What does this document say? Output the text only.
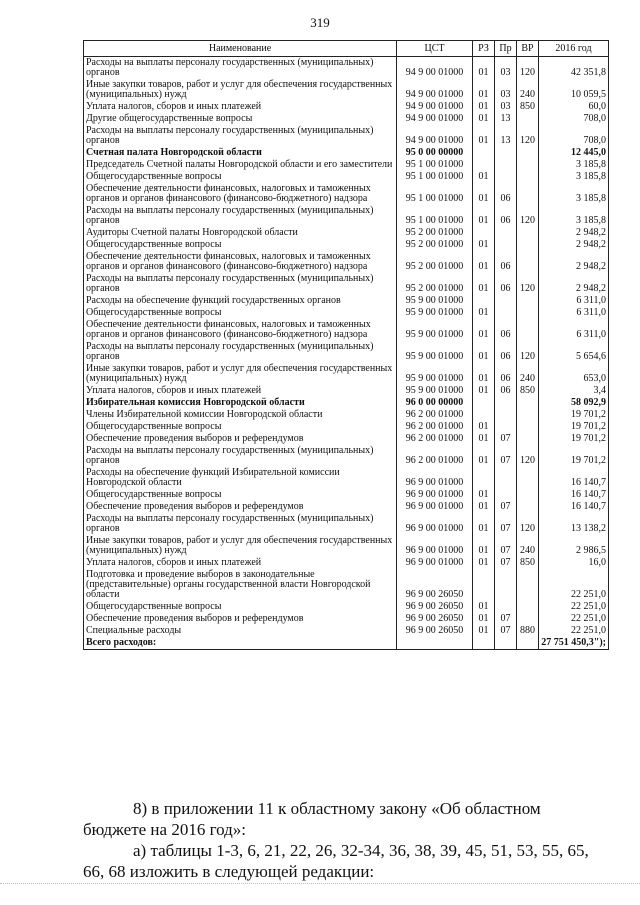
319
Наименование	ЦСТ	РЗ	Пр	ВР	2016 год
Расходы на выплаты персоналу государственных (муниципальных) органов	94 9 00 01000	01	03	120	42 351,8
Иные закупки товаров, работ и услуг для обеспечения государственных (муниципальных) нужд	94 9 00 01000	01	03	240	10 059,5
Уплата налогов, сборов и иных платежей	94 9 00 01000	01	03	850	60,0
Другие общегосударственные вопросы	94 9 00 01000	01	13		708,0
Расходы на выплаты персоналу государственных (муниципальных) органов	94 9 00 01000	01	13	120	708,0
Счетная палата Новгородской области	95 0 00 00000				12 445,0
Председатель Счетной палаты Новгородской области и его заместители	95 1 00 01000				3 185,8
Общегосударственные вопросы	95 1 00 01000	01			3 185,8
Обеспечение деятельности финансовых, налоговых и таможенных органов и органов финансового (финансово-бюджетного) надзора	95 1 00 01000	01	06		3 185,8
Расходы на выплаты персоналу государственных (муниципальных) органов	95 1 00 01000	01	06	120	3 185,8
Аудиторы Счетной палаты Новгородской области	95 2 00 01000				2 948,2
Общегосударственные вопросы	95 2 00 01000	01			2 948,2
Обеспечение деятельности финансовых, налоговых и таможенных органов и органов финансового (финансово-бюджетного) надзора	95 2 00 01000	01	06		2 948,2
Расходы на выплаты персоналу государственных (муниципальных) органов	95 2 00 01000	01	06	120	2 948,2
Расходы на обеспечение функций государственных органов	95 9 00 01000				6 311,0
Общегосударственные вопросы	95 9 00 01000	01			6 311,0
Обеспечение деятельности финансовых, налоговых и таможенных органов и органов финансового (финансово-бюджетного) надзора	95 9 00 01000	01	06		6 311,0
Расходы на выплаты персоналу государственных (муниципальных) органов	95 9 00 01000	01	06	120	5 654,6
Иные закупки товаров, работ и услуг для обеспечения государственных (муниципальных) нужд	95 9 00 01000	01	06	240	653,0
Уплата налогов, сборов и иных платежей	95 9 00 01000	01	06	850	3,4
Избирательная комиссия Новгородской области	96 0 00 00000				58 092,9
Члены Избирательной комиссии Новгородской области	96 2 00 01000				19 701,2
Общегосударственные вопросы	96 2 00 01000	01			19 701,2
Обеспечение проведения выборов и референдумов	96 2 00 01000	01	07		19 701,2
Расходы на выплаты персоналу государственных (муниципальных) органов	96 2 00 01000	01	07	120	19 701,2
Расходы на обеспечение функций Избирательной комиссии Новгородской области	96 9 00 01000				16 140,7
Общегосударственные вопросы	96 9 00 01000	01			16 140,7
Обеспечение проведения выборов и референдумов	96 9 00 01000	01	07		16 140,7
Расходы на выплаты персоналу государственных (муниципальных) органов	96 9 00 01000	01	07	120	13 138,2
Иные закупки товаров, работ и услуг для обеспечения государственных (муниципальных) нужд	96 9 00 01000	01	07	240	2 986,5
Уплата налогов, сборов и иных платежей	96 9 00 01000	01	07	850	16,0
Подготовка и проведение выборов в законодательные (представительные) органы государственной власти Новгородской области	96 9 00 26050				22 251,0
Общегосударственные вопросы	96 9 00 26050	01			22 251,0
Обеспечение проведения выборов и референдумов	96 9 00 26050	01	07		22 251,0
Специальные расходы	96 9 00 26050	01	07	880	22 251,0
Всего расходов:					27 751 450,3");
8) в приложении 11 к областному закону «Об областном бюджете на 2016 год»:
а) таблицы 1-3, 6, 21, 22, 26, 32-34, 36, 38, 39, 45, 51, 53, 55, 65, 66, 68 изложить в следующей редакции:
